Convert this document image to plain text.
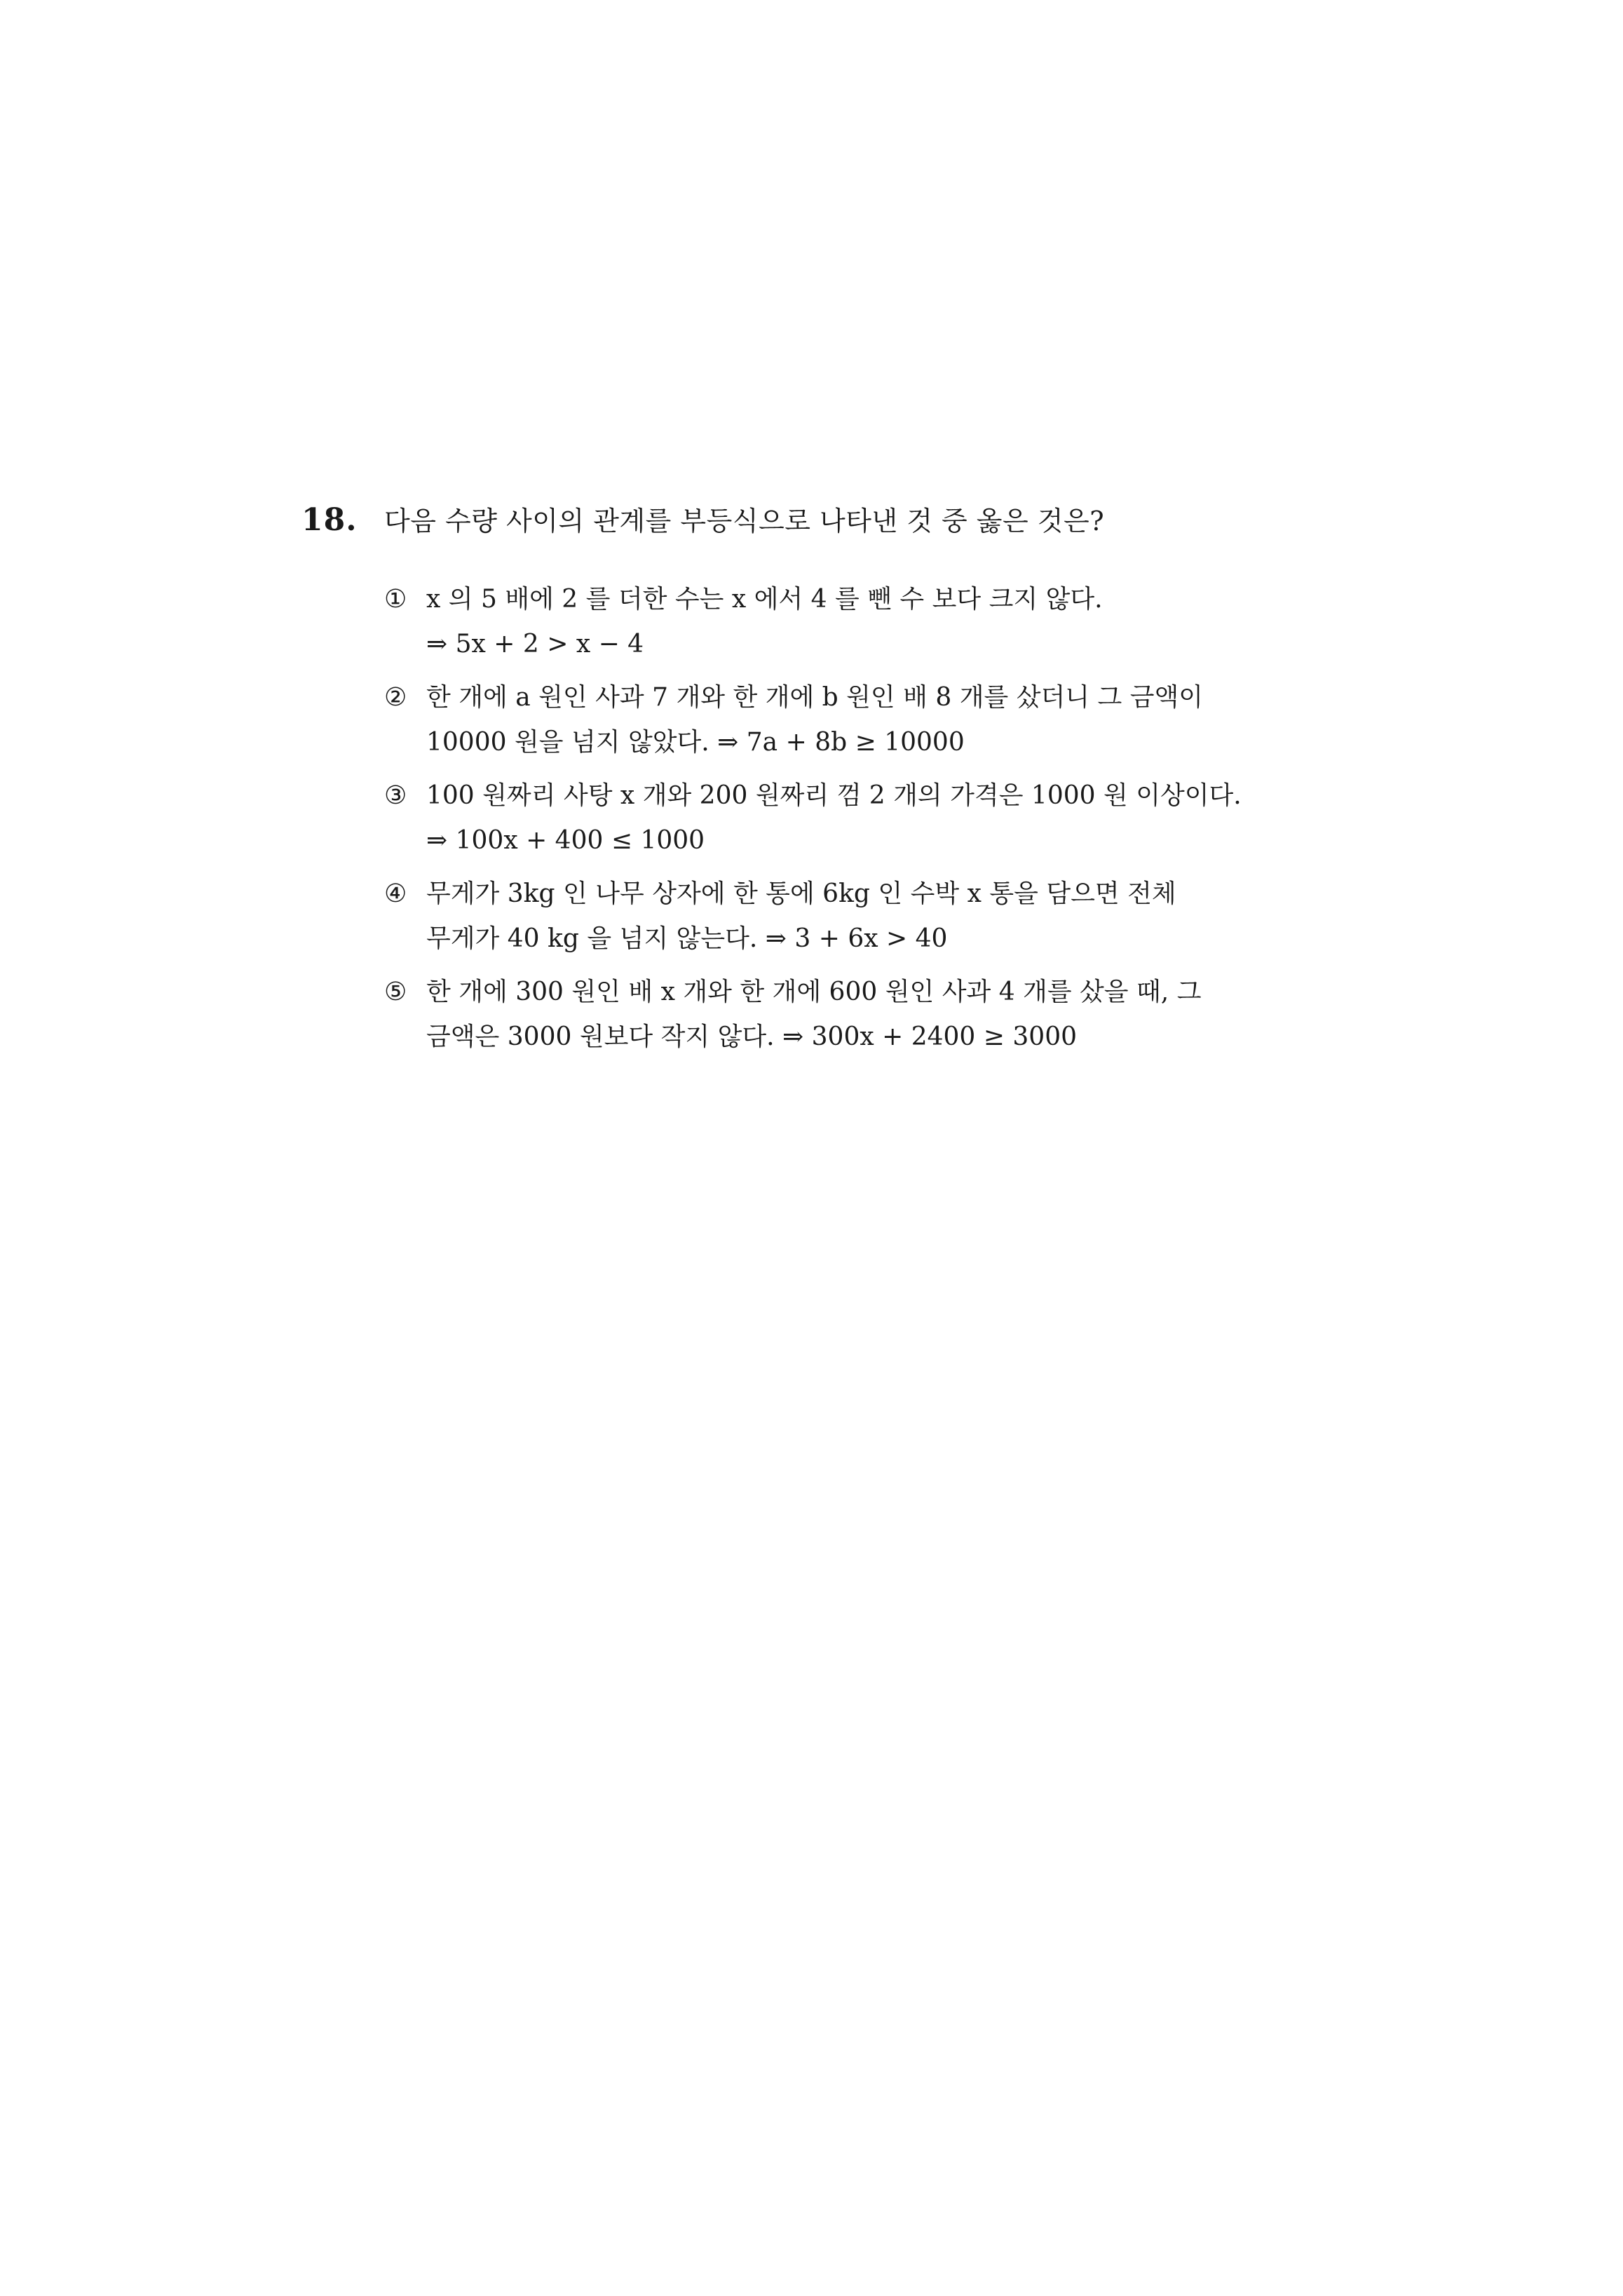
18.	다음 수량 사이의 관계를 부등식으로 나타낸 것 중 옳은 것은?
① x 의 5 배에 2 를 더한 수는 x 에서 4 를 뺀 수 보다 크지 않다.
⇒ 5x + 2 > x − 4
② 한 개에 a 원인 사과 7 개와 한 개에 b 원인 배 8 개를 샀더니 그 금액이
10000 원을 넘지 않았다. ⇒ 7a + 8b ≥ 10000
③ 100 원짜리 사탕 x 개와 200 원짜리 껌 2 개의 가격은 1000 원 이상이다.
⇒ 100x + 400 ≤ 1000
④ 무게가 3kg 인 나무 상자에 한 통에 6kg 인 수박 x 통을 담으면 전체
무게가 40 kg 을 넘지 않는다. ⇒ 3 + 6x > 40
⑤ 한 개에 300 원인 배 x 개와 한 개에 600 원인 사과 4 개를 샀을 때, 그
금액은 3000 원보다 작지 않다. ⇒ 300x + 2400 ≥ 3000
